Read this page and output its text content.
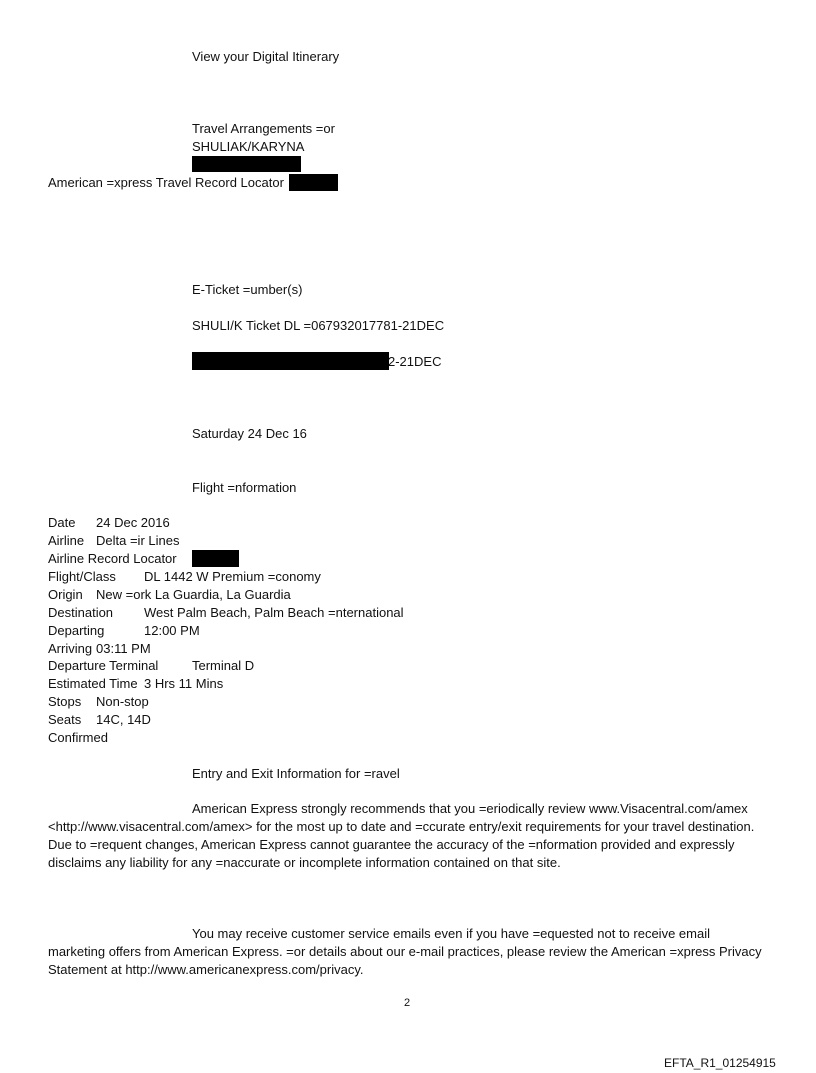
View your Digital Itinerary
Travel Arrangements =or
SHULIAK/KARYNA
American =xpress Travel Record Locator
E-Ticket =umber(s)
SHULI/K Ticket DL =067932017781-21DEC
2-21DEC
Saturday 24 Dec 16
Flight =nformation
Date 24 Dec 2016
Airline Delta =ir Lines
Airline Record Locator
Flight/Class DL 1442 W Premium =conomy
Origin New =ork La Guardia, La Guardia
Destination West Palm Beach, Palm Beach =nternational
Departing	12:00 PM
Arriving 03:11 PM
Departure Terminal	Terminal D
Estimated Time 3 Hrs 11 Mins
Stops Non-stop
Seats 14C, 14D
Confirmed
Entry and Exit Information for =ravel
American Express strongly recommends that you =eriodically review www.Visacentral.com/amex <http://www.visacentral.com/amex> for the most up to date and =ccurate entry/exit requirements for your travel destination. Due to =requent changes, American Express cannot guarantee the accuracy of the =nformation provided and expressly disclaims any liability for any =naccurate or incomplete information contained on that site.
You may receive customer service emails even if you have =equested not to receive email marketing offers from American Express. =or details about our e-mail practices, please review the American =xpress Privacy Statement at http://www.americanexpress.com/privacy.
2
EFTA_R1_01254915
